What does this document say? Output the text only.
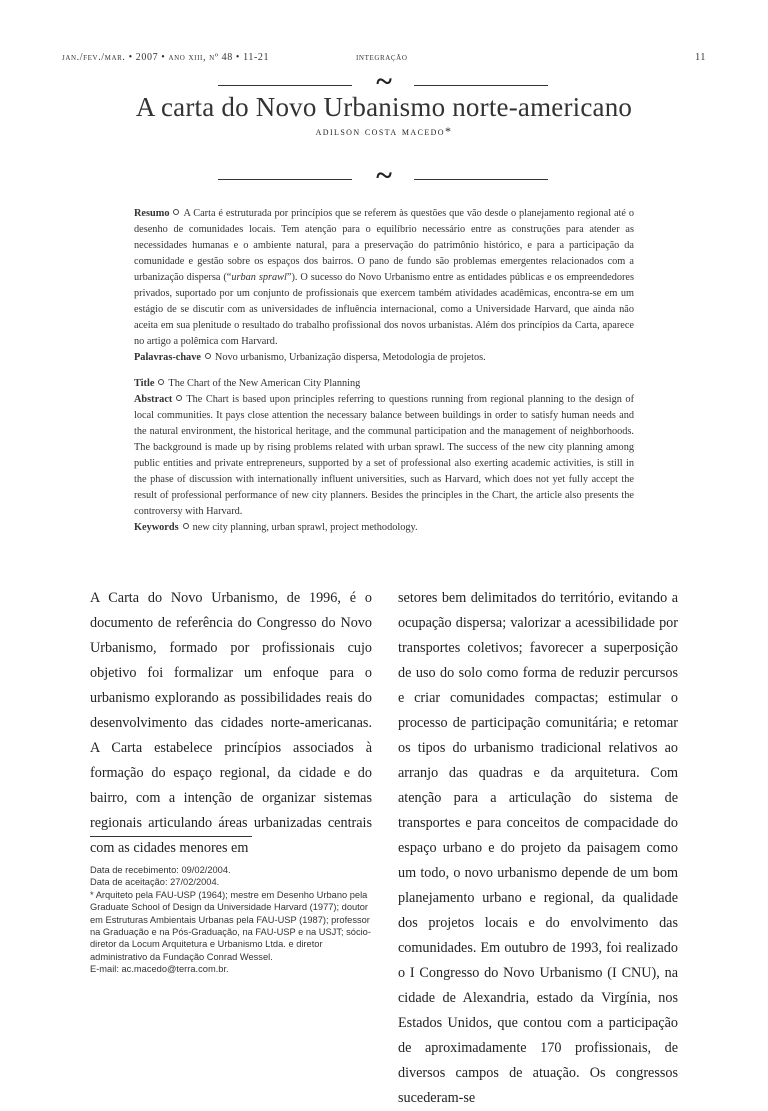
jan./fev./mar. • 2007 • ano xiii, nº 48 • 11-21	integração	11
~
A carta do Novo Urbanismo norte-americano
adilson costa macedo*
~

Resumo A Carta é estruturada por princípios que se referem às questões que vão desde o planejamento regional até o desenho de comunidades locais. Tem atenção para o equilíbrio necessário entre as construções para atender as necessidades humanas e o ambiente natural, para a preservação do patrimônio histórico, e para a participação da comunidade e gestão sobre os espaços dos bairros. O pano de fundo são problemas emergentes relacionados com a urbanização dispersa (“urban sprawl”). O sucesso do Novo Urbanismo entre as entidades públicas e os empreendedores privados, suportado por um conjunto de profissionais que exercem também atividades acadêmicas, encontra-se em um estágio de se discutir com as universidades de influência internacional, como a Universidade Harvard, que ainda não aceita em sua plenitude o resultado do trabalho profissional dos novos urbanistas. Além dos princípios da Carta, aparece no artigo a polêmica com Harvard.

Palavras-chave Novo urbanismo, Urbanização dispersa, Metodologia de projetos.

Title The Chart of the New American City Planning

Abstract The Chart is based upon principles referring to questions running from regional planning to the design of local communities. It pays close attention the necessary balance between buildings in order to satisfy human needs and the natural environment, the historical heritage, and the communal participation and the management of neighborhoods. The background is made up by rising problems related with urban sprawl. The success of the new city planning among public entities and private entrepreneurs, supported by a set of professional also exerting academic activities, is still in the phase of discussion with internationally influent universities, such as Harvard, which does not yet fully accept the result of professional performance of new city planners. Besides the principles in the Chart, the article also presents the controversy with Harvard.

Keywords new city planning, urban sprawl, project methodology.

A Carta do Novo Urbanismo, de 1996, é o documento de referência do Congresso do Novo Urbanismo, formado por profissionais cujo objetivo foi formalizar um enfoque para o urbanismo explorando as possibilidades reais do desenvolvimento das cidades norte-americanas. A Carta estabelece princípios associados à formação do espaço regional, da cidade e do bairro, com a intenção de organizar sistemas regionais articulando áreas urbanizadas centrais com as cidades menores em

setores bem delimitados do território, evitando a ocupação dispersa; valorizar a acessibilidade por transportes coletivos; favorecer a superposição de uso do solo como forma de reduzir percursos e criar comunidades compactas; estimular o processo de participação comunitária; e retomar os tipos do urbanismo tradicional relativos ao arranjo das quadras e da arquitetura. Com atenção para a articulação do sistema de transportes e para conceitos de compacidade do espaço urbano e do projeto da paisagem como um todo, o novo urbanismo depende de um bom planejamento urbano e regional, da qualidade dos projetos locais e do envolvimento das comunidades. Em outubro de 1993, foi realizado o I Congresso do Novo Urbanismo (I CNU), na cidade de Alexandria, estado da Virgínia, nos Estados Unidos, que contou com a participação de aproximadamente 170 profissionais, de diversos campos de atuação. Os congressos sucederam-se

Data de recebimento: 09/02/2004.
Data de aceitação: 27/02/2004.
* Arquiteto pela FAU-USP (1964); mestre em Desenho Urbano pela Graduate School of Design da Universidade Harvard (1977); doutor em Estruturas Ambientais Urbanas pela FAU-USP (1987); professor na Graduação e na Pós-Graduação, na FAU-USP e na USJT; sócio-diretor da Locum Arquitetura e Urbanismo Ltda. e diretor administrativo da Fundação Conrad Wessel.
E-mail: ac.macedo@terra.com.br.
